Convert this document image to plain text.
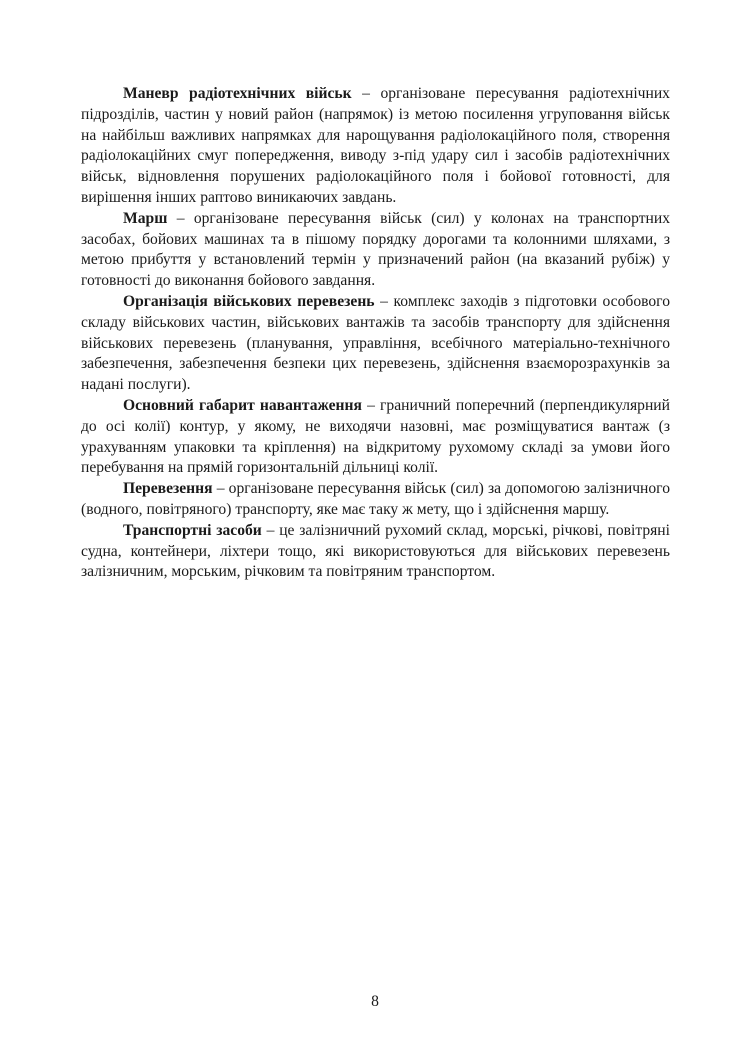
Маневр радіотехнічних військ – організоване пересування радіотехнічних підрозділів, частин у новий район (напрямок) із метою посилення угруповання військ на найбільш важливих напрямках для нарощування радіолокаційного поля, створення радіолокаційних смуг попередження, виводу з-під удару сил і засобів радіотехнічних військ, відновлення порушених радіолокаційного поля і бойової готовності, для вирішення інших раптово виникаючих завдань.

Марш – організоване пересування військ (сил) у колонах на транспортних засобах, бойових машинах та в пішому порядку дорогами та колонними шляхами, з метою прибуття у встановлений термін у призначений район (на вказаний рубіж) у готовності до виконання бойового завдання.

Організація військових перевезень – комплекс заходів з підготовки особового складу військових частин, військових вантажів та засобів транспорту для здійснення військових перевезень (планування, управління, всебічного матеріально-технічного забезпечення, забезпечення безпеки цих перевезень, здійснення взаєморозрахунків за надані послуги).

Основний габарит навантаження – граничний поперечний (перпендикулярний до осі колії) контур, у якому, не виходячи назовні, має розміщуватися вантаж (з урахуванням упаковки та кріплення) на відкритому рухомому складі за умови його перебування на прямій горизонтальній дільниці колії.

Перевезення – організоване пересування військ (сил) за допомогою залізничного (водного, повітряного) транспорту, яке має таку ж мету, що і здійснення маршу.

Транспортні засоби – це залізничний рухомий склад, морські, річкові, повітряні судна, контейнери, ліхтери тощо, які використовуються для військових перевезень залізничним, морським, річковим та повітряним транспортом.

8
